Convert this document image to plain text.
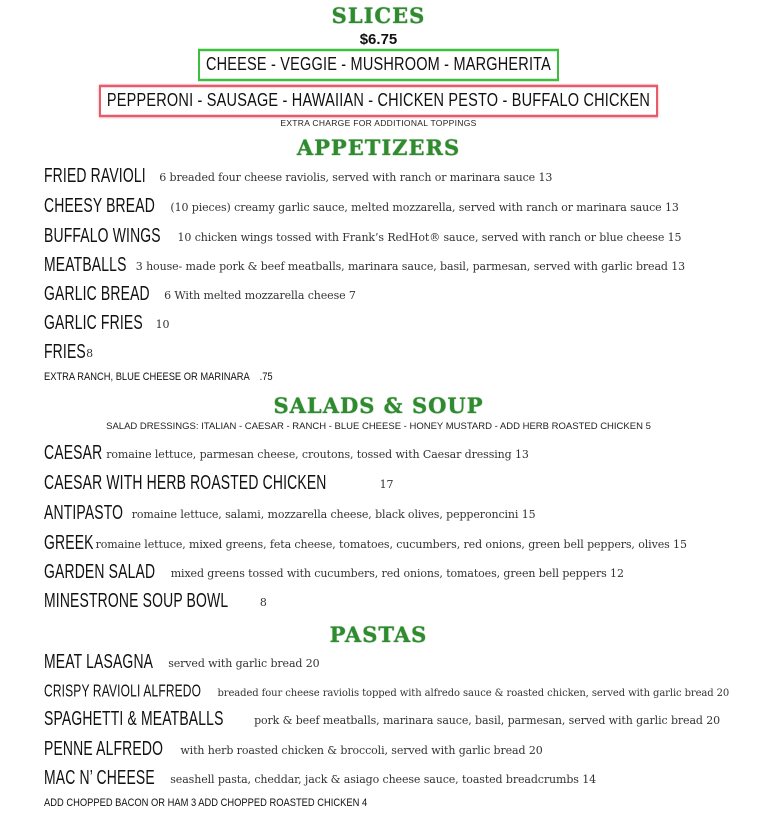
SLICES
$6.75
CHEESE - VEGGIE - MUSHROOM - MARGHERITA
PEPPERONI - SAUSAGE - HAWAIIAN - CHICKEN PESTO - BUFFALO CHICKEN
EXTRA CHARGE FOR ADDITIONAL TOPPINGS
APPETIZERS
FRIED RAVIOLI 6 breaded four cheese raviolis, served with ranch or marinara sauce 13
CHEESY BREAD (10 pieces) creamy garlic sauce, melted mozzarella, served with ranch or marinara sauce 13
BUFFALO WINGS 10 chicken wings tossed with Frank’s RedHot® sauce, served with ranch or blue cheese 15
MEATBALLS 3 house- made pork & beef meatballs, marinara sauce, basil, parmesan, served with garlic bread 13
GARLIC BREAD 6 With melted mozzarella cheese 7
GARLIC FRIES 10
FRIES 8
EXTRA RANCH, BLUE CHEESE OR MARINARA .75
SALADS & SOUP
SALAD DRESSINGS: ITALIAN - CAESAR - RANCH - BLUE CHEESE - HONEY MUSTARD - ADD HERB ROASTED CHICKEN 5
CAESAR romaine lettuce, parmesan cheese, croutons, tossed with Caesar dressing 13
CAESAR WITH HERB ROASTED CHICKEN	17
ANTIPASTO romaine lettuce, salami, mozzarella cheese, black olives, pepperoncini 15
GREEK romaine lettuce, mixed greens, feta cheese, tomatoes, cucumbers, red onions, green bell peppers, olives 15
GARDEN SALAD mixed greens tossed with cucumbers, red onions, tomatoes, green bell peppers 12
MINESTRONE SOUP BOWL	8
PASTAS
MEAT LASAGNA served with garlic bread 20
CRISPY RAVIOLI ALFREDO breaded four cheese raviolis topped with alfredo sauce & roasted chicken, served with garlic bread 20
SPAGHETTI & MEATBALLS	pork & beef meatballs, marinara sauce, basil, parmesan, served with garlic bread 20
PENNE ALFREDO with herb roasted chicken & broccoli, served with garlic bread 20
MAC N’ CHEESE seashell pasta, cheddar, jack & asiago cheese sauce, toasted breadcrumbs 14
ADD CHOPPED BACON OR HAM 3 ADD CHOPPED ROASTED CHICKEN 4
